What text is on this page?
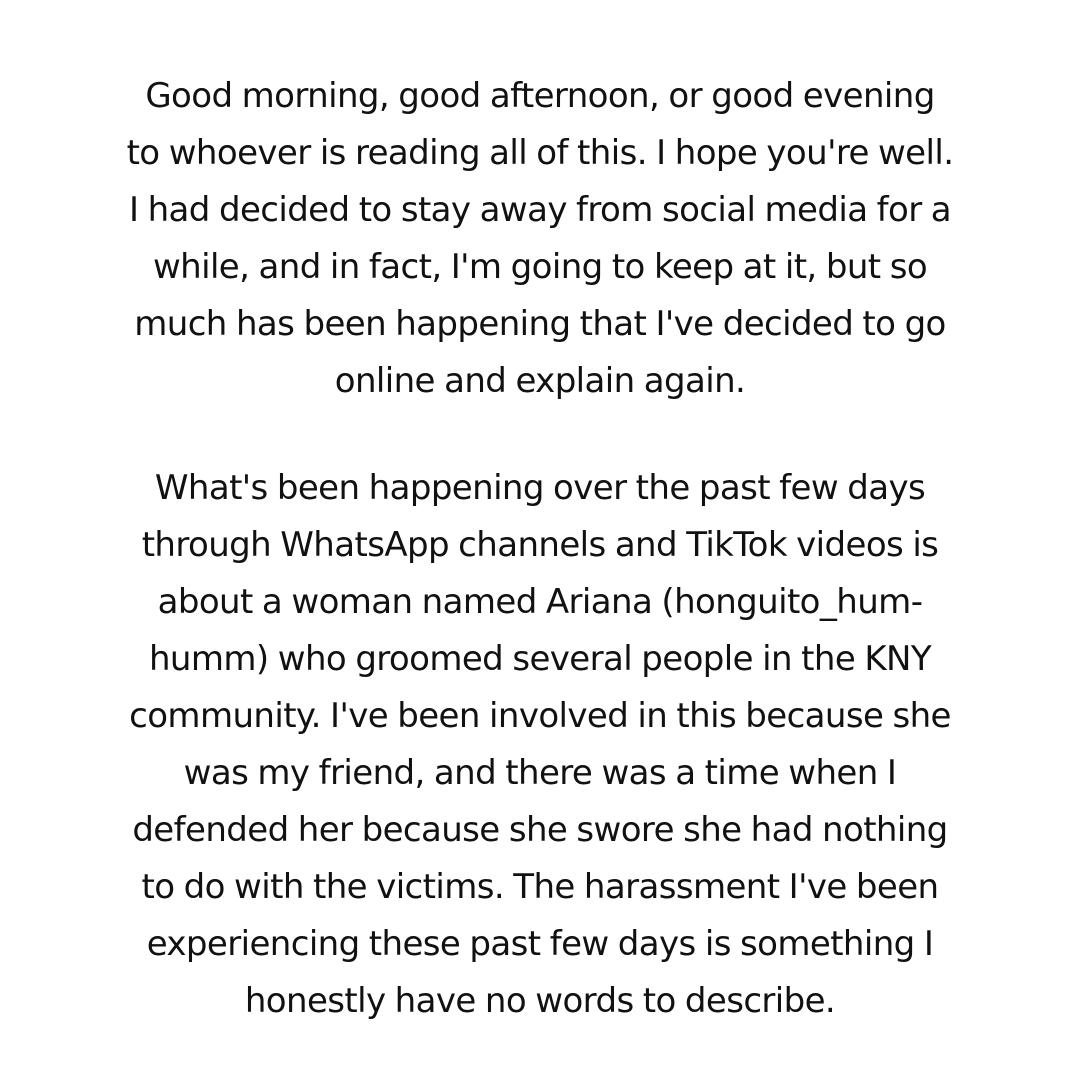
Good morning, good afternoon, or good evening
to whoever is reading all of this. I hope you're well.
I had decided to stay away from social media for a
while, and in fact, I'm going to keep at it, but so
much has been happening that I've decided to go
online and explain again.

What's been happening over the past few days
through WhatsApp channels and TikTok videos is
about a woman named Ariana (honguito_hum-
humm) who groomed several people in the KNY
community. I've been involved in this because she
was my friend, and there was a time when I
defended her because she swore she had nothing
to do with the victims. The harassment I've been
experiencing these past few days is something I
honestly have no words to describe.
